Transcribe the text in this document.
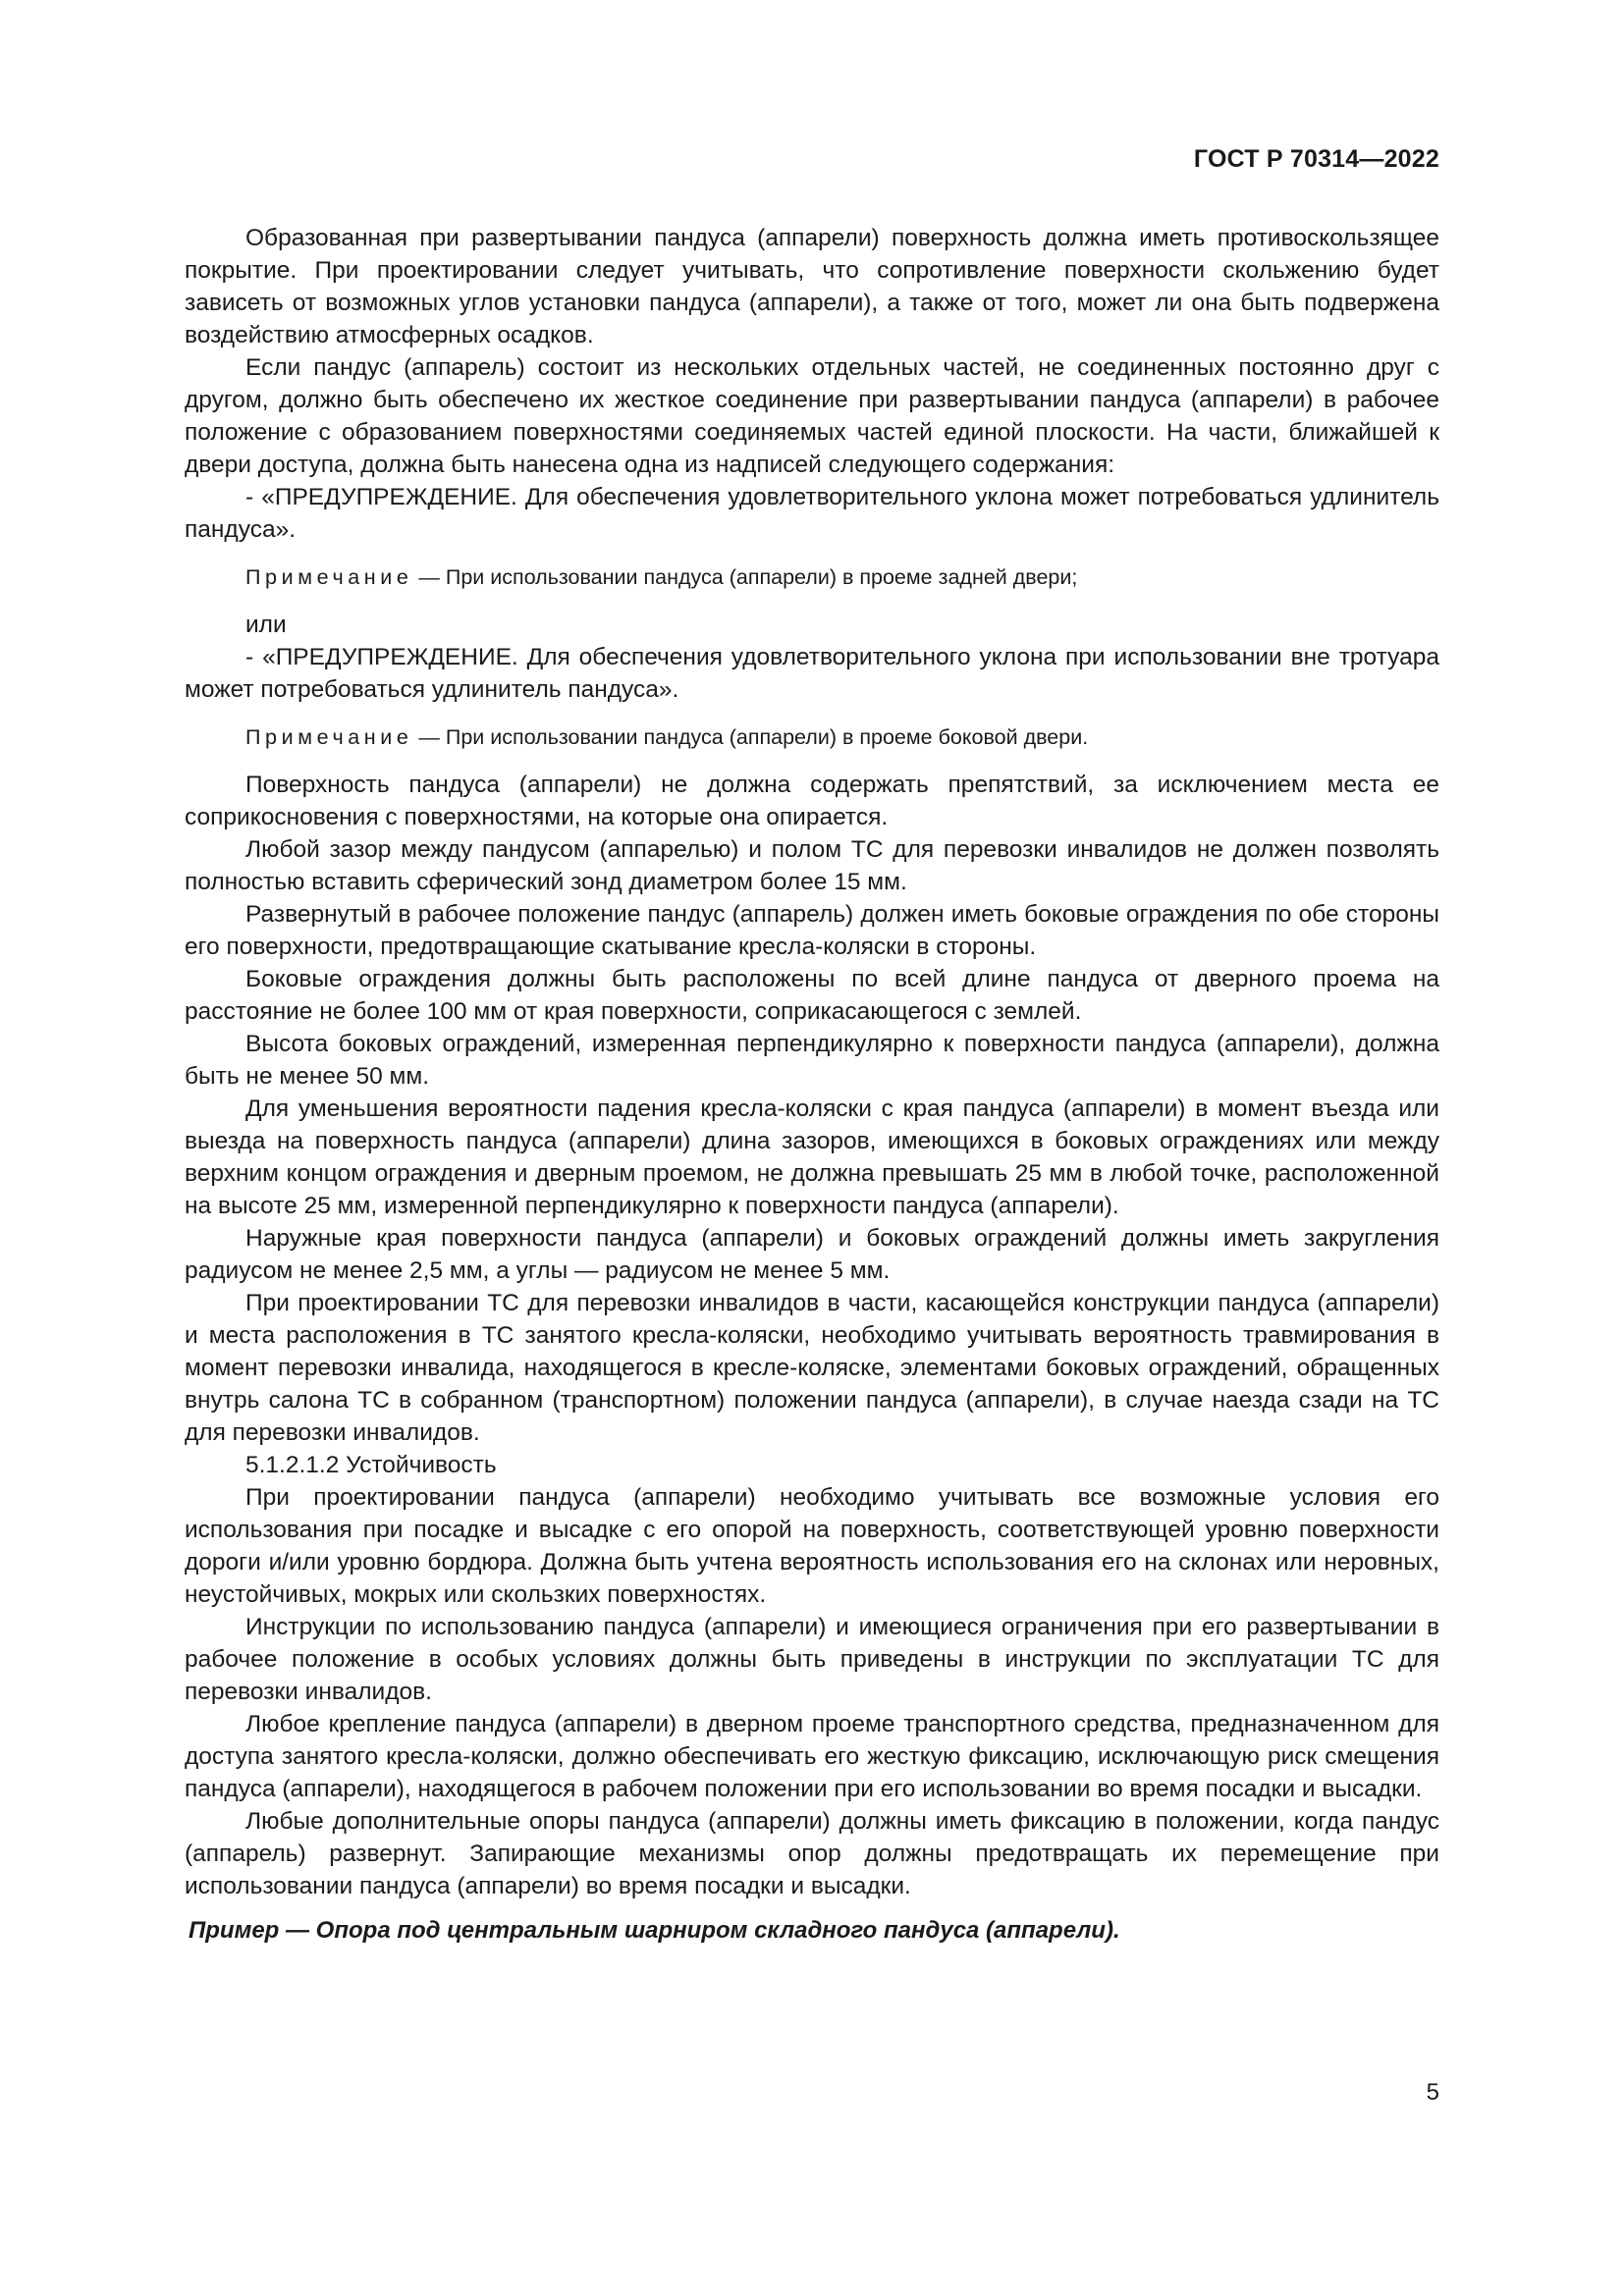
ГОСТ Р 70314—2022

Образованная при развертывании пандуса (аппарели) поверхность должна иметь противоскользящее покрытие. При проектировании следует учитывать, что сопротивление поверхности скольжению будет зависеть от возможных углов установки пандуса (аппарели), а также от того, может ли она быть подвержена воздействию атмосферных осадков.

Если пандус (аппарель) состоит из нескольких отдельных частей, не соединенных постоянно друг с другом, должно быть обеспечено их жесткое соединение при развертывании пандуса (аппарели) в рабочее положение с образованием поверхностями соединяемых частей единой плоскости. На части, ближайшей к двери доступа, должна быть нанесена одна из надписей следующего содержания:

- «ПРЕДУПРЕЖДЕНИЕ. Для обеспечения удовлетворительного уклона может потребоваться удлинитель пандуса».

Примечание — При использовании пандуса (аппарели) в проеме задней двери;

или

- «ПРЕДУПРЕЖДЕНИЕ. Для обеспечения удовлетворительного уклона при использовании вне тротуара может потребоваться удлинитель пандуса».

Примечание — При использовании пандуса (аппарели) в проеме боковой двери.

Поверхность пандуса (аппарели) не должна содержать препятствий, за исключением места ее соприкосновения с поверхностями, на которые она опирается.

Любой зазор между пандусом (аппарелью) и полом ТС для перевозки инвалидов не должен позволять полностью вставить сферический зонд диаметром более 15 мм.

Развернутый в рабочее положение пандус (аппарель) должен иметь боковые ограждения по обе стороны его поверхности, предотвращающие скатывание кресла-коляски в стороны.

Боковые ограждения должны быть расположены по всей длине пандуса от дверного проема на расстояние не более 100 мм от края поверхности, соприкасающегося с землей.

Высота боковых ограждений, измеренная перпендикулярно к поверхности пандуса (аппарели), должна быть не менее 50 мм.

Для уменьшения вероятности падения кресла-коляски с края пандуса (аппарели) в момент въезда или выезда на поверхность пандуса (аппарели) длина зазоров, имеющихся в боковых ограждениях или между верхним концом ограждения и дверным проемом, не должна превышать 25 мм в любой точке, расположенной на высоте 25 мм, измеренной перпендикулярно к поверхности пандуса (аппарели).

Наружные края поверхности пандуса (аппарели) и боковых ограждений должны иметь закругления радиусом не менее 2,5 мм, а углы — радиусом не менее 5 мм.

При проектировании ТС для перевозки инвалидов в части, касающейся конструкции пандуса (аппарели) и места расположения в ТС занятого кресла-коляски, необходимо учитывать вероятность травмирования в момент перевозки инвалида, находящегося в кресле-коляске, элементами боковых ограждений, обращенных внутрь салона ТС в собранном (транспортном) положении пандуса (аппарели), в случае наезда сзади на ТС для перевозки инвалидов.

5.1.2.1.2 Устойчивость

При проектировании пандуса (аппарели) необходимо учитывать все возможные условия его использования при посадке и высадке с его опорой на поверхность, соответствующей уровню поверхности дороги и/или уровню бордюра. Должна быть учтена вероятность использования его на склонах или неровных, неустойчивых, мокрых или скользких поверхностях.

Инструкции по использованию пандуса (аппарели) и имеющиеся ограничения при его развертывании в рабочее положение в особых условиях должны быть приведены в инструкции по эксплуатации ТС для перевозки инвалидов.

Любое крепление пандуса (аппарели) в дверном проеме транспортного средства, предназначенном для доступа занятого кресла-коляски, должно обеспечивать его жесткую фиксацию, исключающую риск смещения пандуса (аппарели), находящегося в рабочем положении при его использовании во время посадки и высадки.

Любые дополнительные опоры пандуса (аппарели) должны иметь фиксацию в положении, когда пандус (аппарель) развернут. Запирающие механизмы опор должны предотвращать их перемещение при использовании пандуса (аппарели) во время посадки и высадки.

Пример — Опора под центральным шарниром складного пандуса (аппарели).

5
